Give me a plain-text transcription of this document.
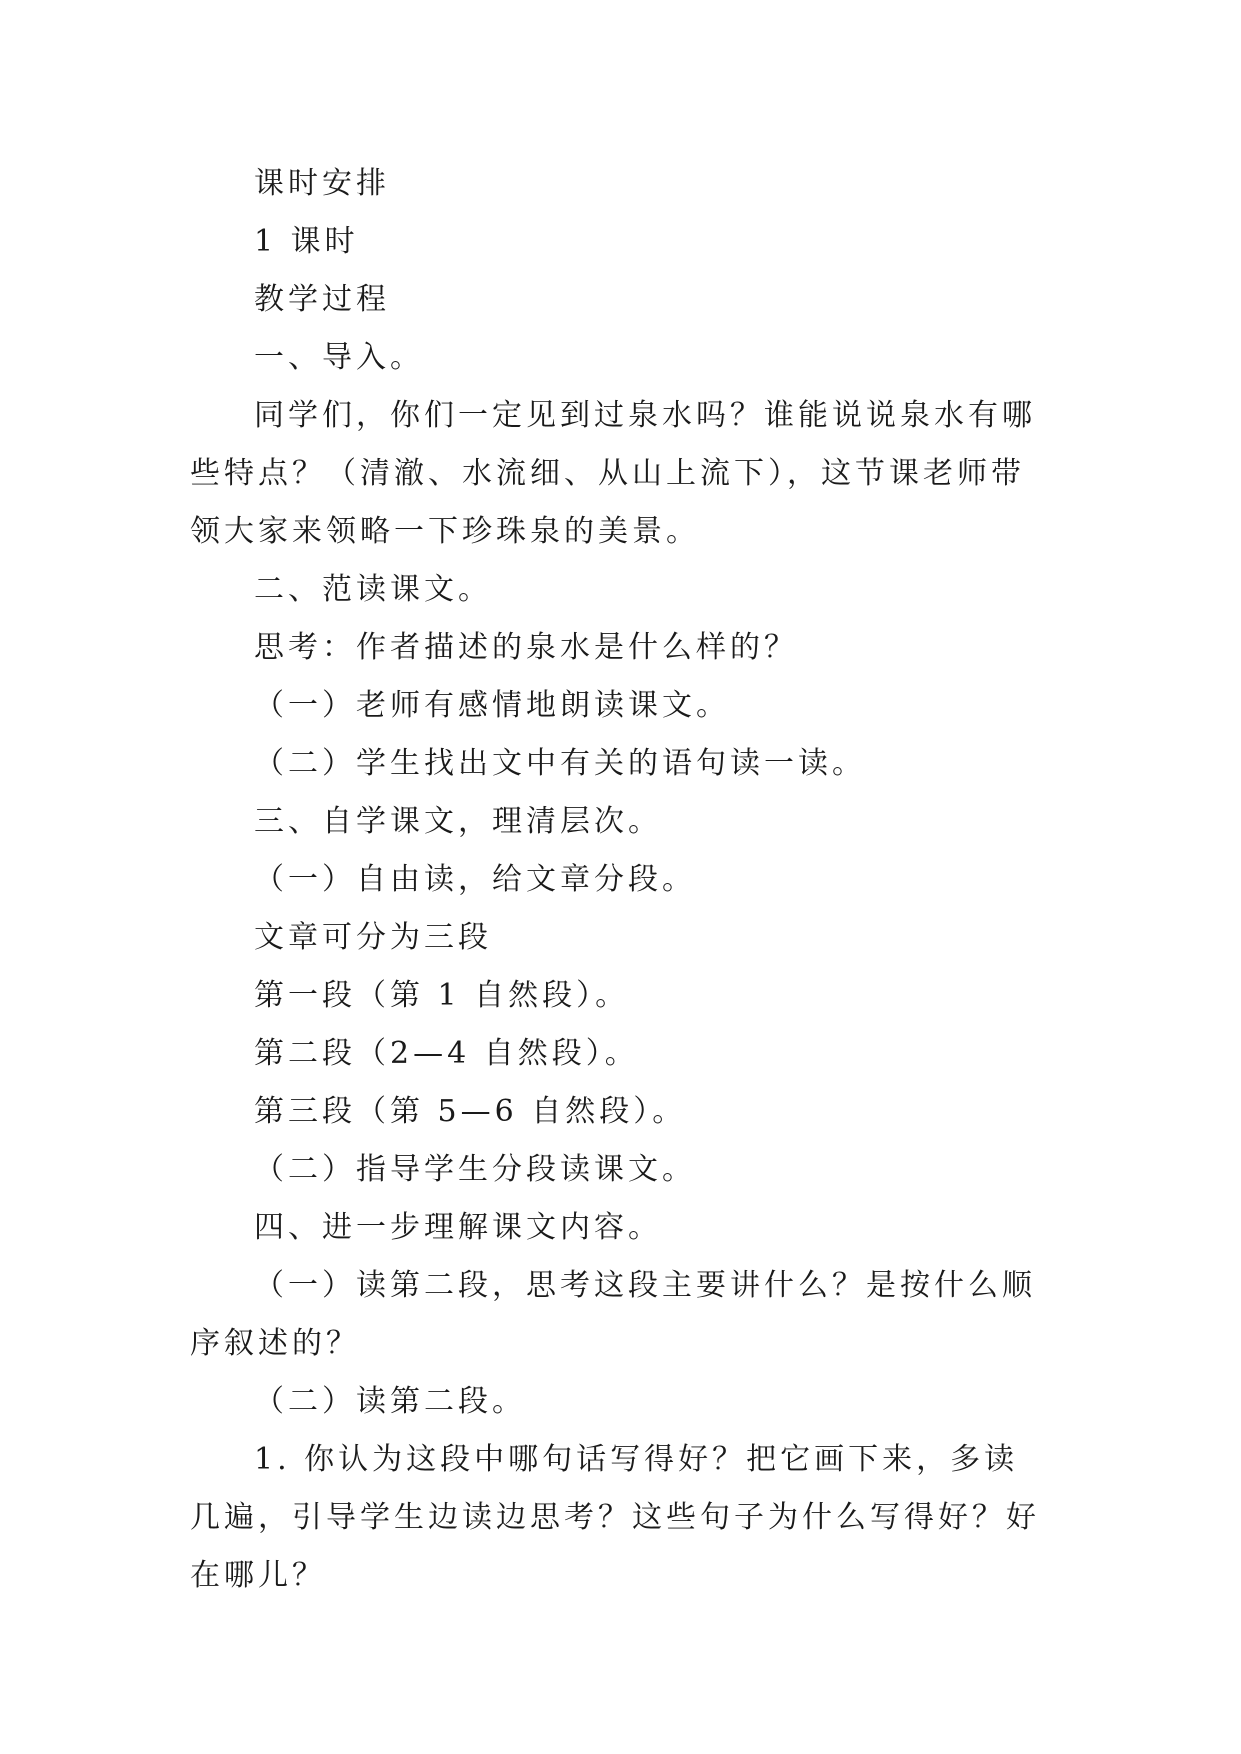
课时安排

1 课时

教学过程

一、导入。

同学们，你们一定见到过泉水吗？谁能说说泉水有哪些特点？（清澈、水流细、从山上流下），这节课老师带领大家来领略一下珍珠泉的美景。

二、范读课文。

思考：作者描述的泉水是什么样的？

（一）老师有感情地朗读课文。

（二）学生找出文中有关的语句读一读。

三、自学课文，理清层次。

（一）自由读，给文章分段。

文章可分为三段

第一段（第 1 自然段）。

第二段（2—4 自然段）。

第三段（第 5—6 自然段）。

（二）指导学生分段读课文。

四、进一步理解课文内容。

（一）读第二段，思考这段主要讲什么？是按什么顺序叙述的？

（二）读第二段。

1. 你认为这段中哪句话写得好？把它画下来，多读几遍，引导学生边读边思考？这些句子为什么写得好？好在哪儿？
